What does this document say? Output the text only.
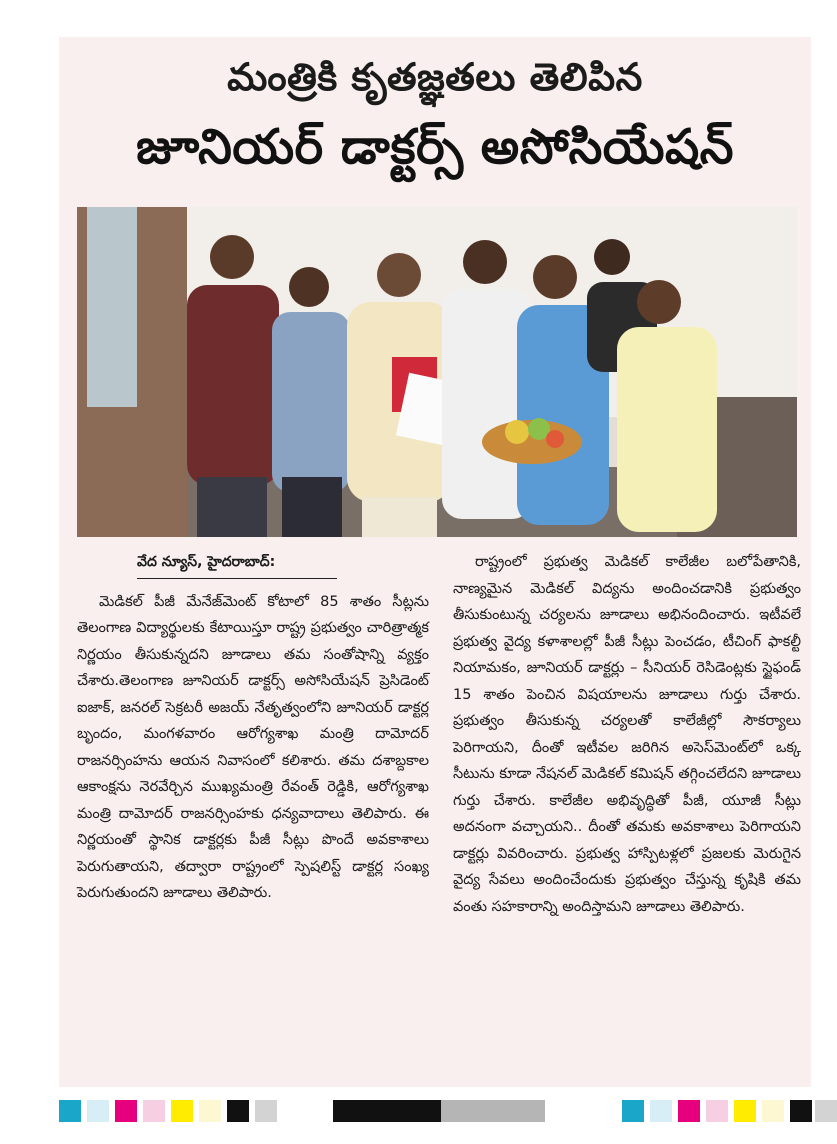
మంత్రికి కృతజ్ఞతలు తెలిపిన
జూనియర్ డాక్టర్స్ అసోసియేషన్
వేద న్యూస్, హైదరాబాద్:

మెడికల్ పీజీ మేనేజ్‌మెంట్ కోటాలో 85 శాతం సీట్లను తెలంగాణ విద్యార్థులకు కేటాయిస్తూ రాష్ట్ర ప్రభుత్వం చారిత్రాత్మక నిర్ణయం తీసుకున్నదని జూడాలు తమ సంతోషాన్ని వ్యక్తం చేశారు.తెలంగాణ జూనియర్ డాక్టర్స్ అసోసియేషన్ ప్రెసిడెంట్ ఐజాక్, జనరల్ సెక్రటరీ అజయ్ నేతృత్వంలోని జూనియర్ డాక్టర్ల బృందం, మంగళవారం ఆరోగ్యశాఖ మంత్రి దామోదర్ రాజనర్సింహను ఆయన నివాసంలో కలిశారు. తమ దశాబ్దకాల ఆకాంక్షను నెరవేర్చిన ముఖ్యమంత్రి రేవంత్ రెడ్డికి, ఆరోగ్యశాఖ మంత్రి దామోదర్ రాజనర్సింహకు ధన్యవాదాలు తెలిపారు. ఈ నిర్ణయంతో స్థానిక డాక్టర్లకు పీజీ సీట్లు పొందే అవకాశాలు పెరుగుతాయని, తద్వారా రాష్ట్రంలో స్పెషలిస్ట్ డాక్టర్ల సంఖ్య పెరుగుతుందని జూడాలు తెలిపారు.

రాష్ట్రంలో ప్రభుత్వ మెడికల్ కాలేజీల బలోపేతానికి, నాణ్యమైన మెడికల్ విద్యను అందించడానికి ప్రభుత్వం తీసుకుంటున్న చర్యలను జూడాలు అభినందించారు. ఇటీవలే ప్రభుత్వ వైద్య కళాశాలల్లో పీజీ సీట్లు పెంచడం, టీచింగ్ ఫాకల్టీ నియామకం, జూనియర్ డాక్టర్లు – సీనియర్ రెసిడెంట్లకు స్టైఫండ్ 15 శాతం పెంచిన విషయాలను జూడాలు గుర్తు చేశారు. ప్రభుత్వం తీసుకున్న చర్యలతో కాలేజీల్లో సౌకర్యాలు పెరిగాయని, దీంతో ఇటీవల జరిగిన అసెస్‌మెంట్‌లో ఒక్క సీటును కూడా నేషనల్ మెడికల్ కమిషన్ తగ్గించలేదని జూడాలు గుర్తు చేశారు. కాలేజీల అభివృద్ధితో పీజీ, యూజీ సీట్లు అదనంగా వచ్చాయని.. దీంతో తమకు అవకాశాలు పెరిగాయని డాక్టర్లు వివరించారు. ప్రభుత్వ హాస్పిటళ్లలో ప్రజలకు మెరుగైన వైద్య సేవలు అందించేందుకు ప్రభుత్వం చేస్తున్న కృషికి తమ వంతు సహకారాన్ని అందిస్తామని జూడాలు తెలిపారు.
